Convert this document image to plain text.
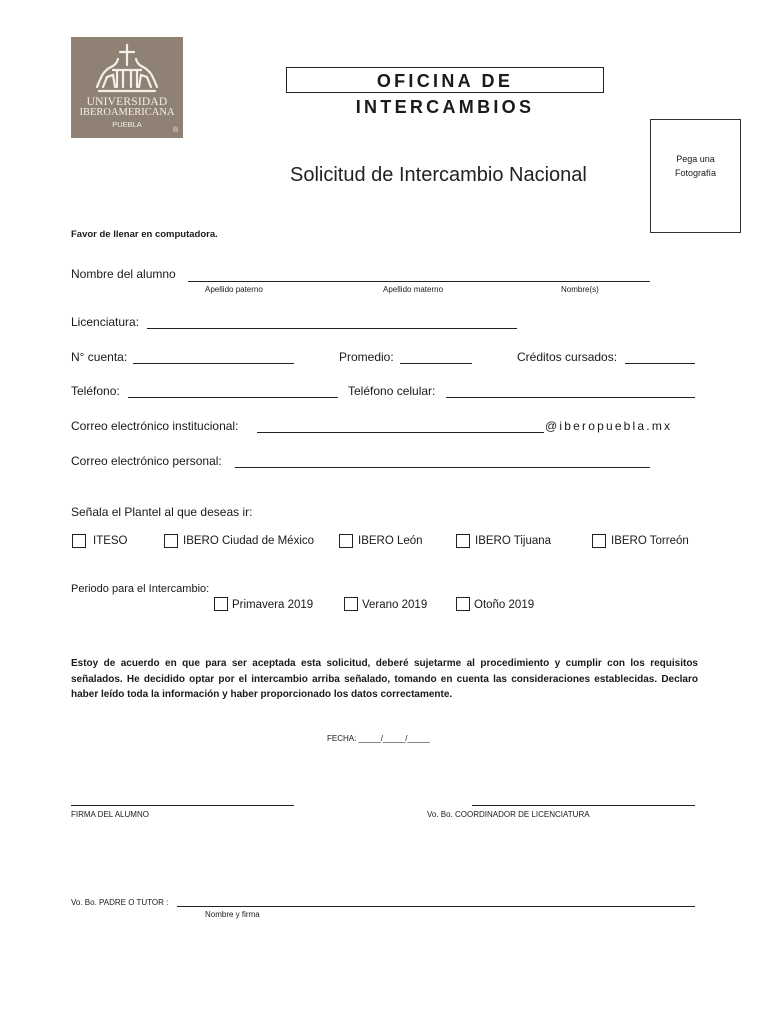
UNIVERSIDAD
IBEROAMERICANA
PUEBLA
®
OFICINA DE INTERCAMBIOS
Pega una
Fotografía
Solicitud de Intercambio Nacional
Favor de llenar en computadora.
Nombre del alumno
Apellido paterno	Apellido materno	Nombre(s)
Licenciatura:
N° cuenta:	Promedio:	Créditos cursados:
Teléfono:	Teléfono celular:
Correo electrónico institucional:	@iberopuebla.mx
Correo electrónico personal:
Señala el Plantel al que deseas ir:
ITESO	IBERO Ciudad de México	IBERO León	IBERO Tijuana	IBERO Torreón
Periodo para el Intercambio:
Primavera 2019	Verano 2019	Otoño 2019
Estoy de acuerdo en que para ser aceptada esta solicitud, deberé sujetarme al procedimiento y cumplir con los requisitos señalados. He decidido optar por el intercambio arriba señalado, tomando en cuenta las consideraciones establecidas. Declaro haber leído toda la información y haber proporcionado los datos correctamente.
FECHA: _____/_____/_____
FIRMA DEL ALUMNO	Vo. Bo. COORDINADOR DE LICENCIATURA
Vo. Bo. PADRE O TUTOR :
Nombre y firma
